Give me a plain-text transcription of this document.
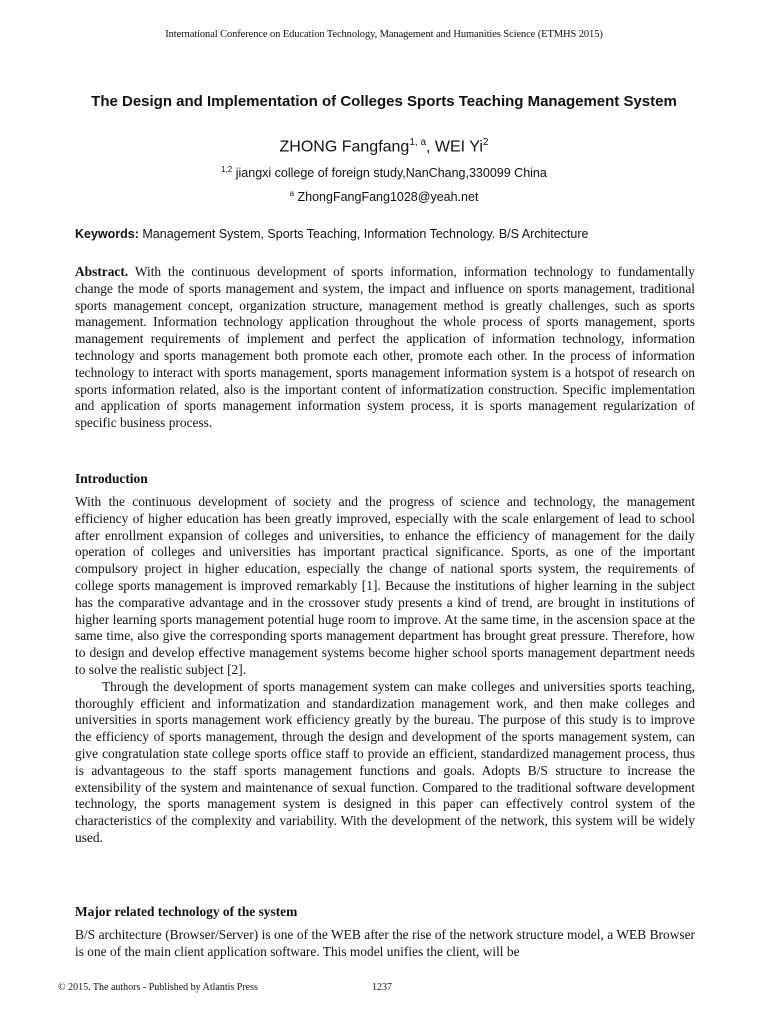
International Conference on Education Technology, Management and Humanities Science (ETMHS 2015)
The Design and Implementation of Colleges Sports Teaching Management System
ZHONG Fangfang$^{1, a}$, WEI Yi$^2$
$^{1,2}$ jiangxi college of foreign study,NanChang,330099 China
$^a$ ZhongFangFang1028@yeah.net
Keywords: Management System, Sports Teaching, Information Technology. B/S Architecture

Abstract. With the continuous development of sports information, information technology to fundamentally change the mode of sports management and system, the impact and influence on sports management, traditional sports management concept, organization structure, management method is greatly challenges, such as sports management. Information technology application throughout the whole process of sports management, sports management requirements of implement and perfect the application of information technology, information technology and sports management both promote each other, promote each other. In the process of information technology to interact with sports management, sports management information system is a hotspot of research on sports information related, also is the important content of informatization construction. Specific implementation and application of sports management information system process, it is sports management regularization of specific business process.

Introduction

With the continuous development of society and the progress of science and technology, the management efficiency of higher education has been greatly improved, especially with the scale enlargement of lead to school after enrollment expansion of colleges and universities, to enhance the efficiency of management for the daily operation of colleges and universities has important practical significance. Sports, as one of the important compulsory project in higher education, especially the change of national sports system, the requirements of college sports management is improved remarkably [1]. Because the institutions of higher learning in the subject has the comparative advantage and in the crossover study presents a kind of trend, are brought in institutions of higher learning sports management potential huge room to improve. At the same time, in the ascension space at the same time, also give the corresponding sports management department has brought great pressure. Therefore, how to design and develop effective management systems become higher school sports management department needs to solve the realistic subject [2].

Through the development of sports management system can make colleges and universities sports teaching, thoroughly efficient and informatization and standardization management work, and then make colleges and universities in sports management work efficiency greatly by the bureau. The purpose of this study is to improve the efficiency of sports management, through the design and development of the sports management system, can give congratulation state college sports office staff to provide an efficient, standardized management process, thus is advantageous to the staff sports management functions and goals. Adopts B/S structure to increase the extensibility of the system and maintenance of sexual function. Compared to the traditional software development technology, the sports management system is designed in this paper can effectively control system of the characteristics of the complexity and variability. With the development of the network, this system will be widely used.

Major related technology of the system

B/S architecture (Browser/Server) is one of the WEB after the rise of the network structure model, a WEB Browser is one of the main client application software. This model unifies the client, will be

© 2015. The authors - Published by Atlantis Press	1237
